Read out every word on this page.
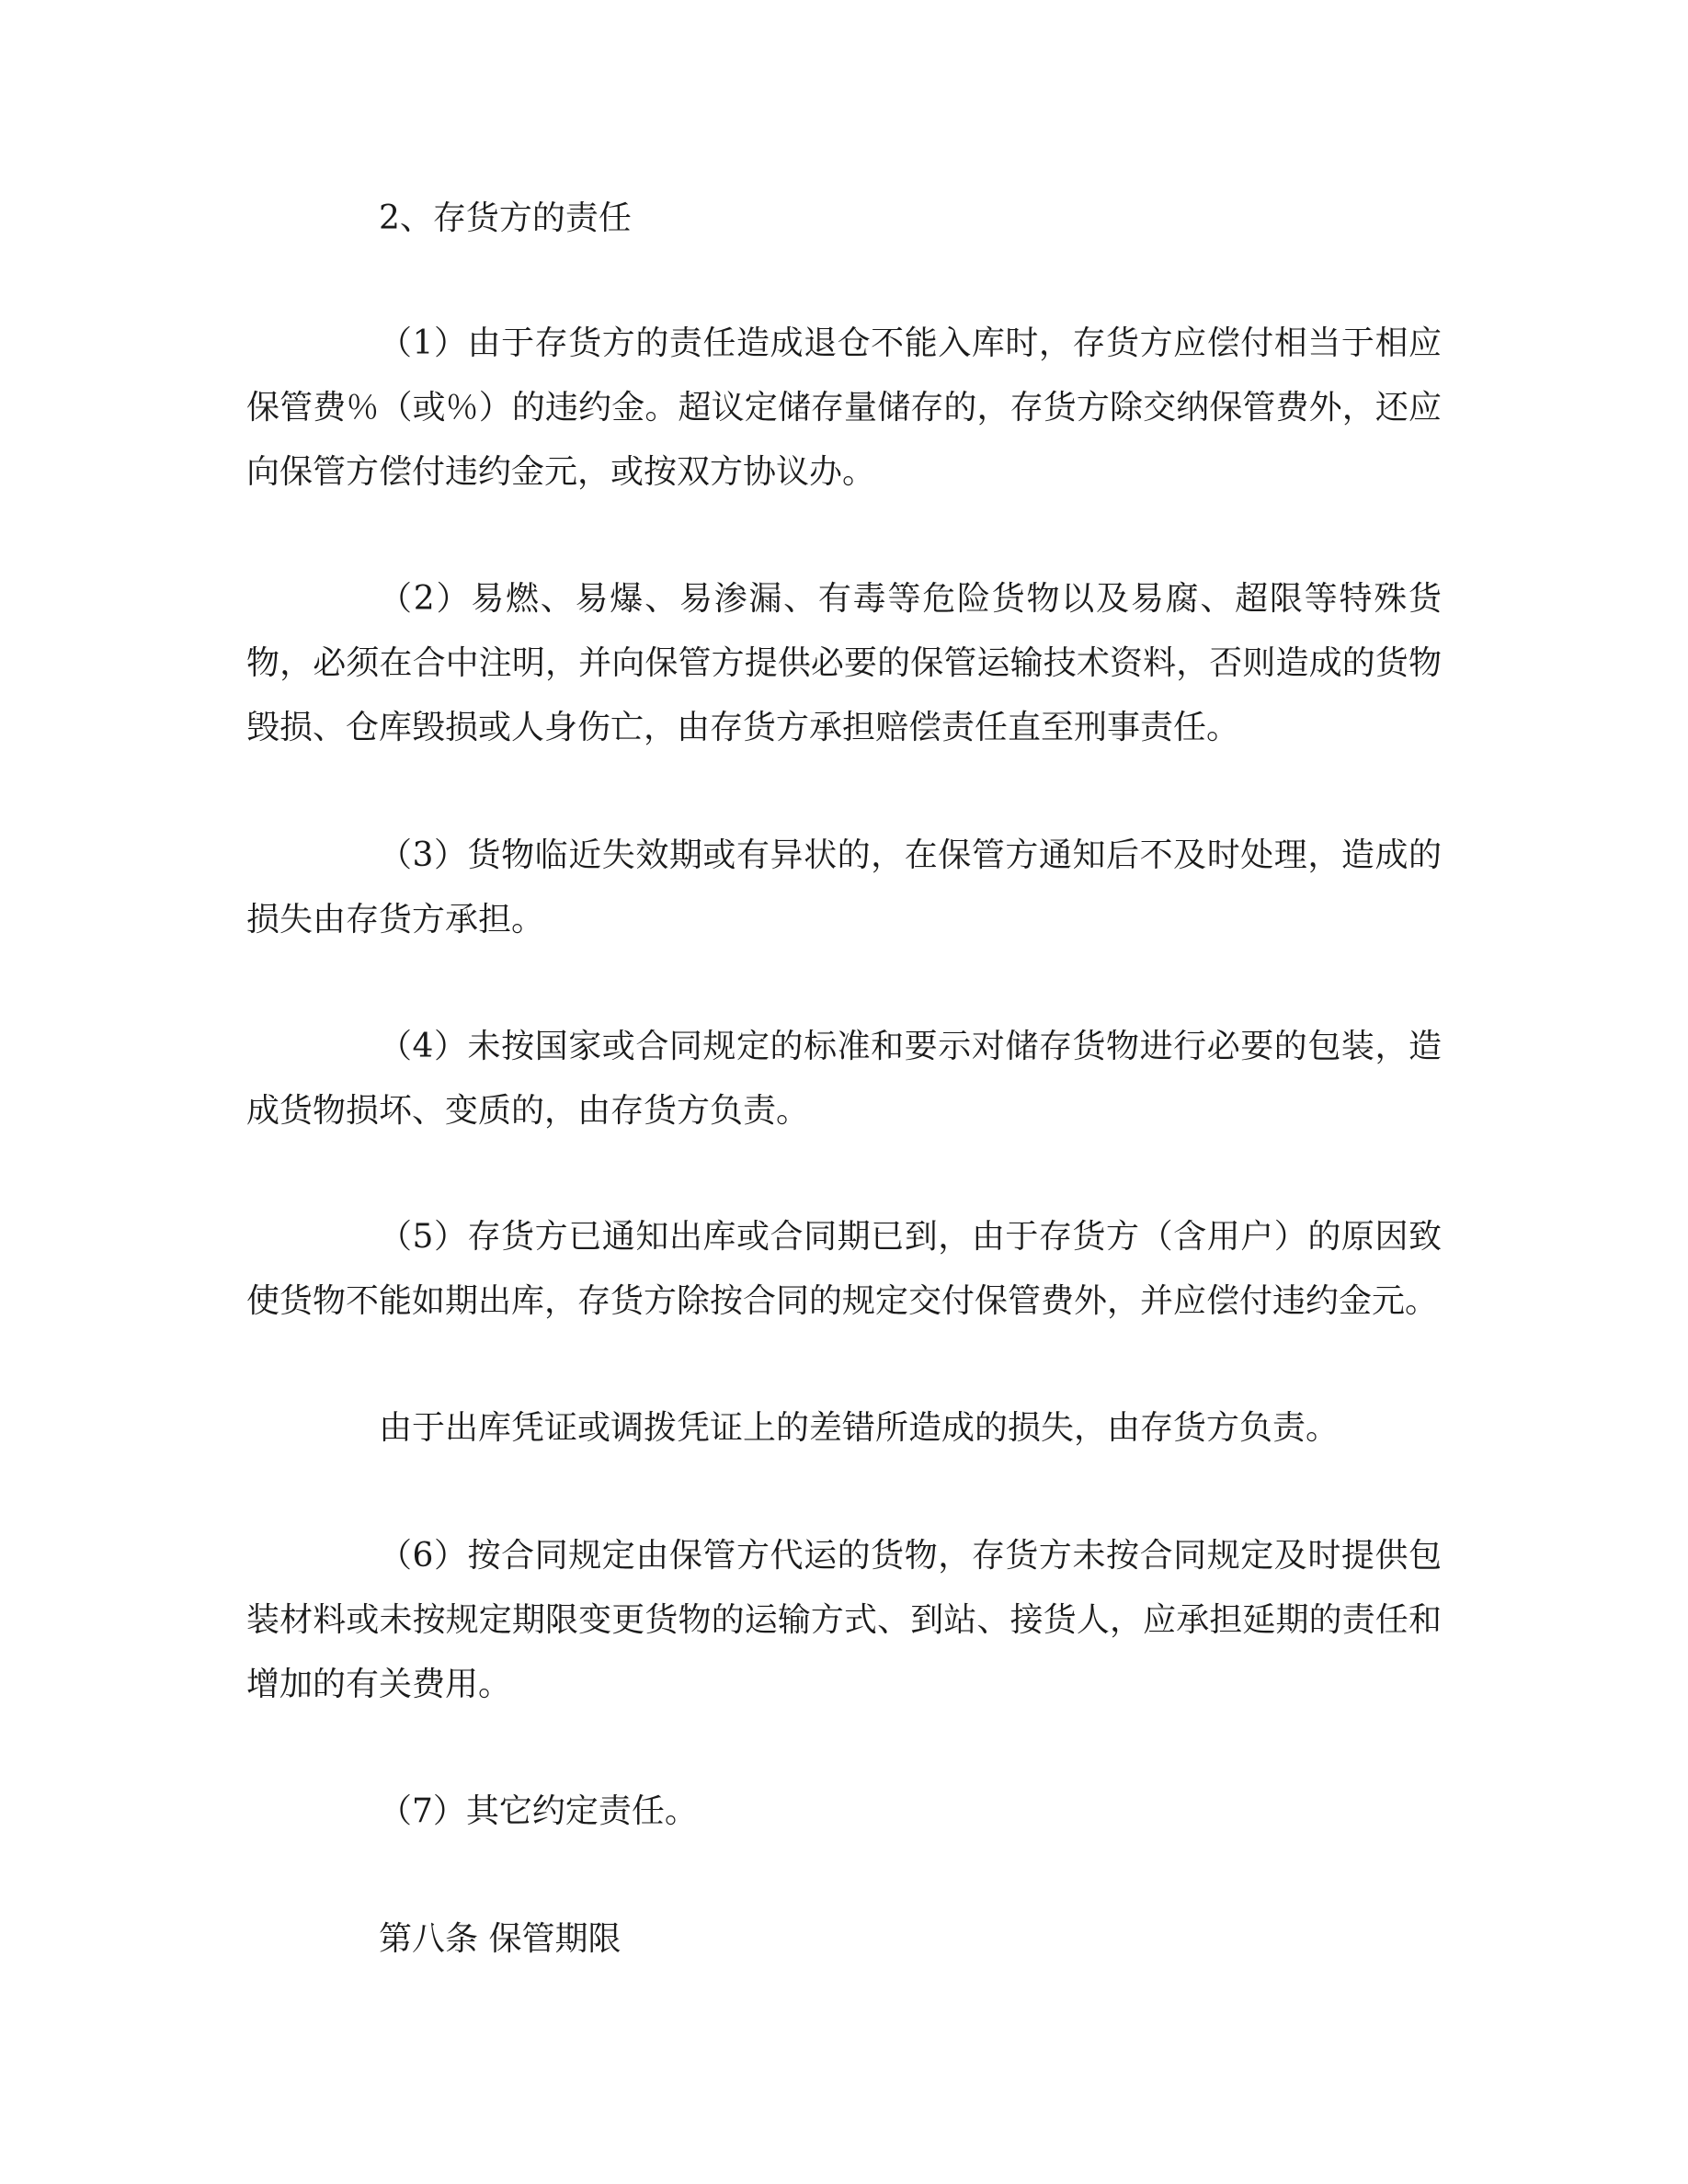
2、存货方的责任

（1）由于存货方的责任造成退仓不能入库时，存货方应偿付相当于相应保管费％（或％）的违约金。超议定储存量储存的，存货方除交纳保管费外，还应向保管方偿付违约金元，或按双方协议办。

（2）易燃、易爆、易渗漏、有毒等危险货物以及易腐、超限等特殊货物，必须在合中注明，并向保管方提供必要的保管运输技术资料，否则造成的货物毁损、仓库毁损或人身伤亡，由存货方承担赔偿责任直至刑事责任。

（3）货物临近失效期或有异状的，在保管方通知后不及时处理，造成的损失由存货方承担。

（4）未按国家或合同规定的标准和要示对储存货物进行必要的包装，造成货物损坏、变质的，由存货方负责。

（5）存货方已通知出库或合同期已到，由于存货方（含用户）的原因致使货物不能如期出库，存货方除按合同的规定交付保管费外，并应偿付违约金元。

由于出库凭证或调拨凭证上的差错所造成的损失，由存货方负责。

（6）按合同规定由保管方代运的货物，存货方未按合同规定及时提供包装材料或未按规定期限变更货物的运输方式、到站、接货人，应承担延期的责任和增加的有关费用。

（7）其它约定责任。

第八条 保管期限
